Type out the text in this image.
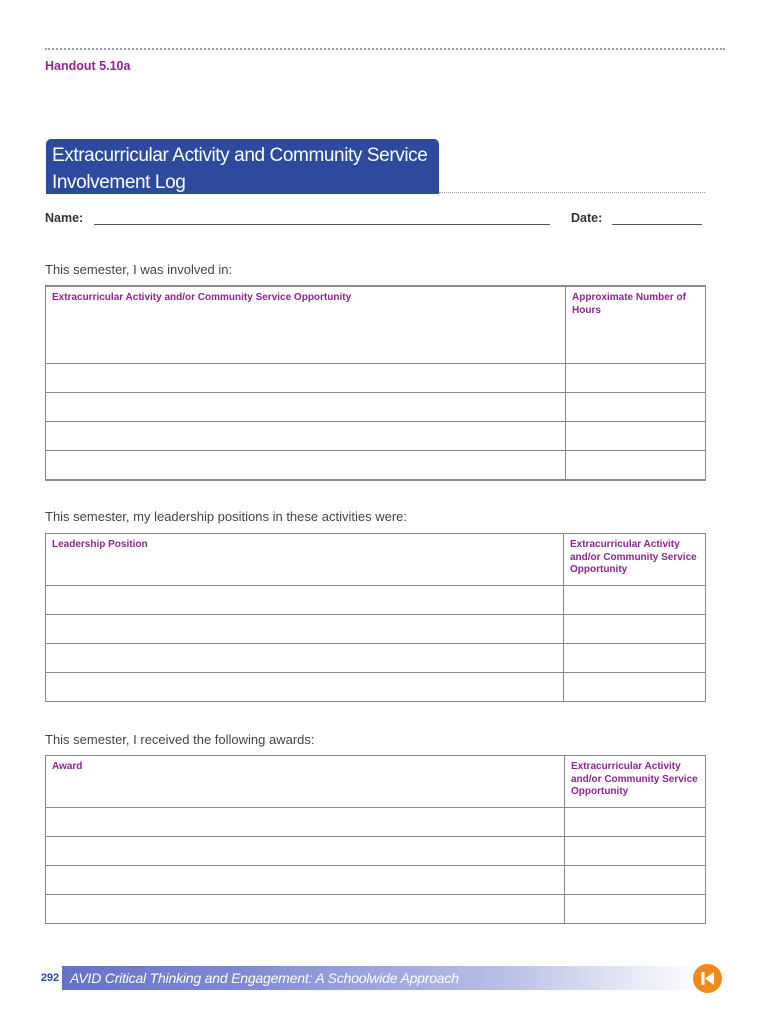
Handout 5.10a
Extracurricular Activity and Community Service
Involvement Log
Name:	Date:
This semester, I was involved in:
Extracurricular Activity and/or Community Service Opportunity	Approximate Number of Hours

This semester, my leadership positions in these activities were:
Leadership Position	Extracurricular Activity and/or Community Service Opportunity

This semester, I received the following awards:
Award	Extracurricular Activity and/or Community Service Opportunity

292 AVID Critical Thinking and Engagement: A Schoolwide Approach
